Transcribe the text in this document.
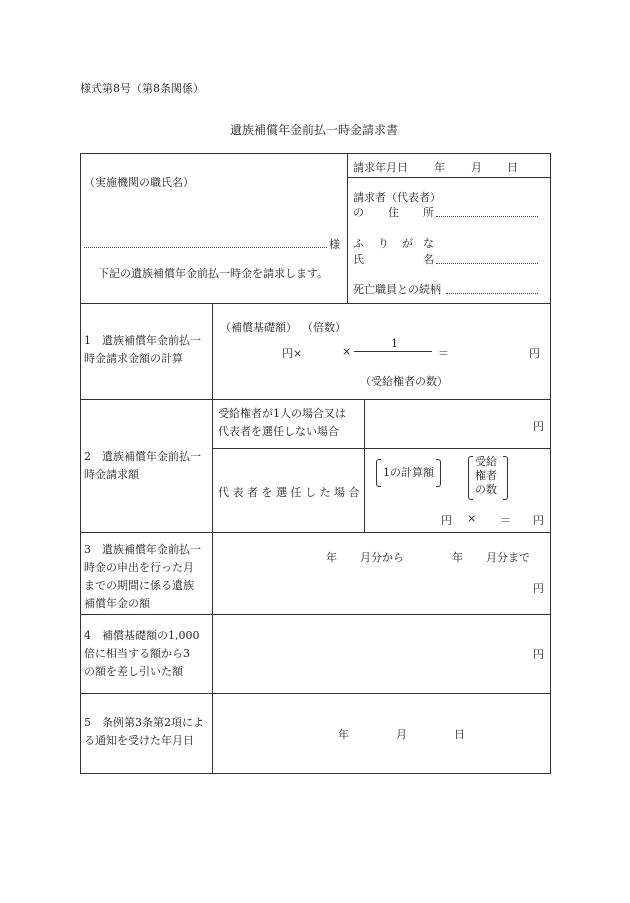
様式第8号（第8条関係）
遺族補償年金前払一時金請求書
（実施機関の職氏名）
様
下記の遺族補償年金前払一時金を請求します。
請求年月日 年 月 日
請求者（代表者）
の 住 所
ふ り が な
氏	名
死亡職員との続柄
1　遺族補償年金前払一
時金請求金額の計算
（補償基礎額） （倍数）
円×	×
1
＝	円
（受給権者の数）
2　遺族補償年金前払一
時金請求額
受給権者が1人の場合又は
代表者を選任しない場合	円
代表者を選任した場合
1の計算額
受給
権者
の数
円 × ＝ 円
3　遺族補償年金前払一
時金の申出を行った月
までの期間に係る遺族
補償年金の額
年 月分から	年 月分まで
円
4　補償基礎額の1,000
倍に相当する額から3
の額を差し引いた額
円
5　条例第3条第2項によ
る通知を受けた年月日	年	月	日
